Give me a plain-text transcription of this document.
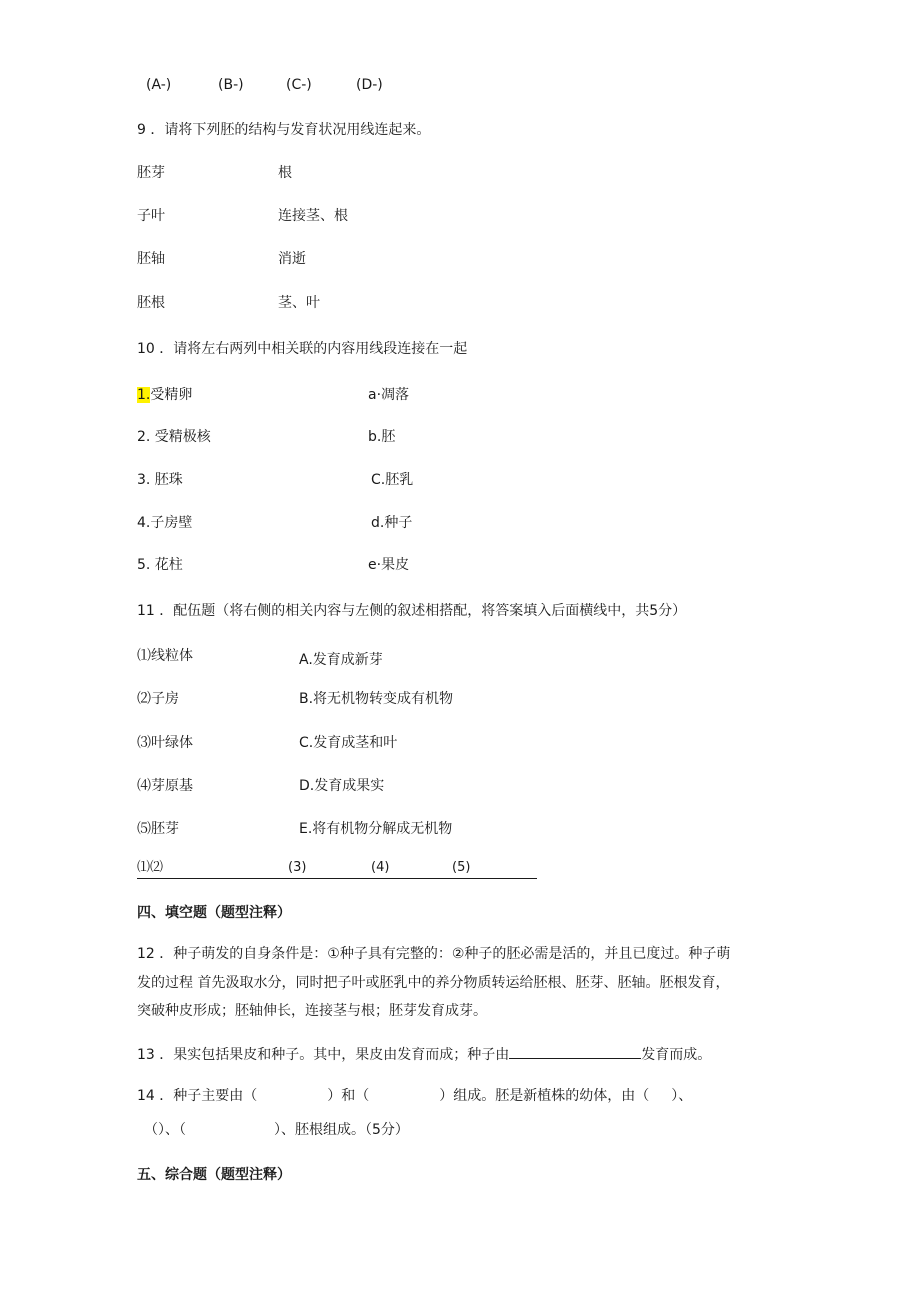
(A-)	(B-)	(C-)	(D-)
9 ．请将下列胚的结构与发育状况用线连起来。
胚芽	根
子叶	连接茎、根
胚轴	消逝
胚根	茎、叶
10 ．请将左右两列中相关联的内容用线段连接在一起
1.受精卵	a·凋落
2. 受精极核	b.胚
3. 胚珠	C.胚乳
4.子房壁	d.种子
5. 花柱	e·果皮
11 ．配伍题（将右侧的相关内容与左侧的叙述相搭配，将答案填入后面横线中，共5分）
⑴线粒体	A.发育成新芽
⑵子房	B.将无机物转变成有机物
⑶叶绿体	C.发育成茎和叶
⑷芽原基	D.发育成果实
⑸胚芽	E.将有机物分解成无机物
⑴⑵	(3)	(4)	(5)
四、填空题（题型注释）
12 ．种子萌发的自身条件是：①种子具有完整的：②种子的胚必需是活的，并且已度过。种子萌
发的过程 首先汲取水分，同时把子叶或胚乳中的养分物质转运给胚根、胚芽、胚轴。胚根发育，
突破种皮形成；胚轴伸长，连接茎与根；胚芽发育成芽。
13 ．果实包括果皮和种子。其中，果皮由发育而成；种子由	发育而成。
14 ．种子主要由（	）和（	）组成。胚是新植株的幼体，由（ ）、
（）、（	）、胚根组成。（5分）
五、综合题（题型注释）
